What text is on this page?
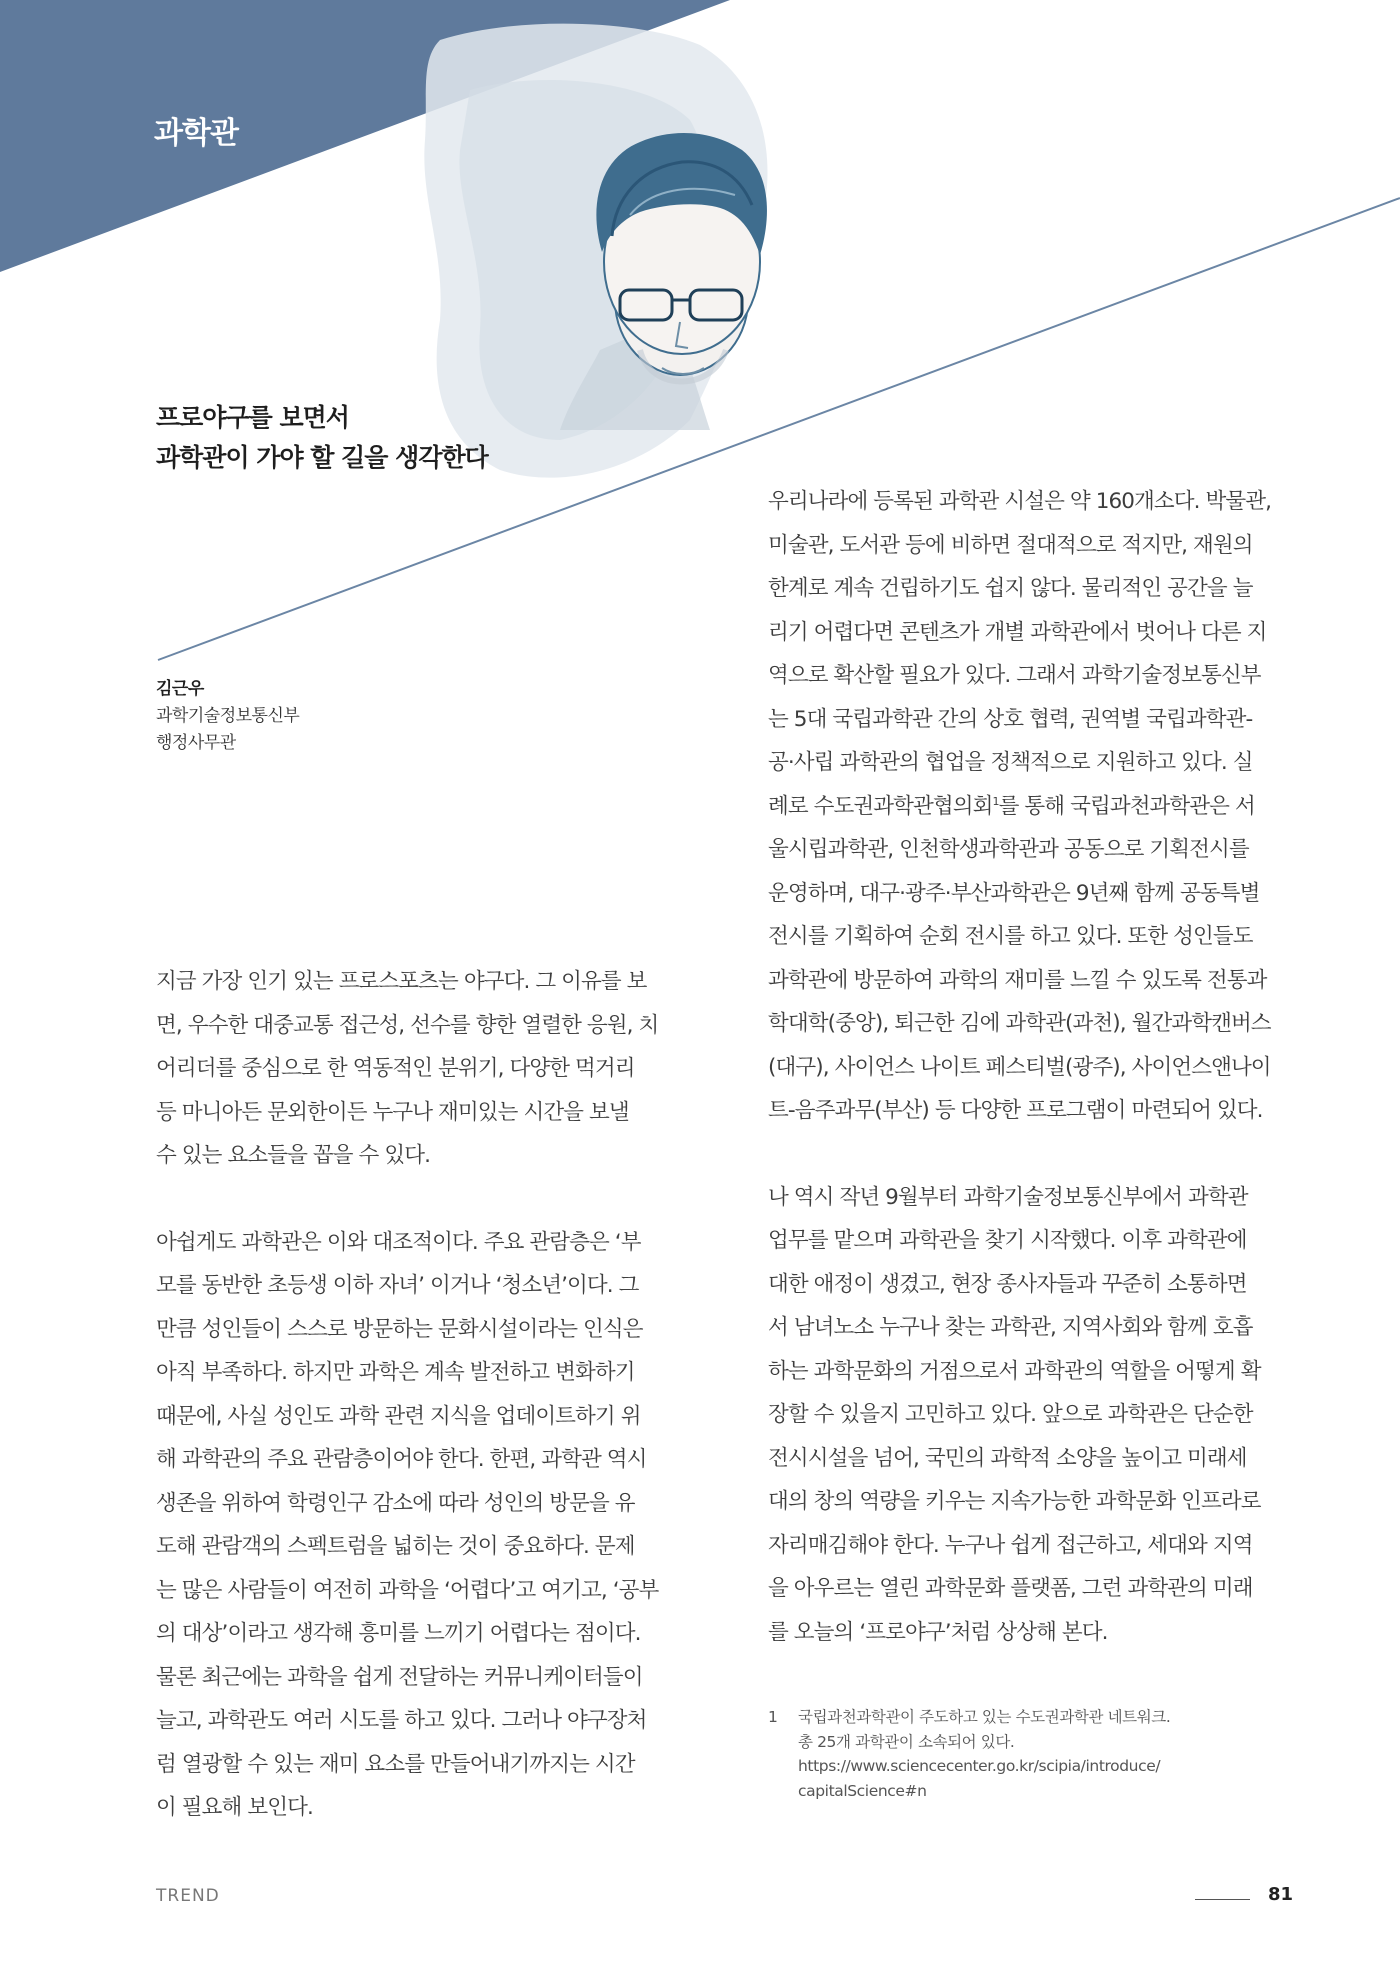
과학관
프로야구를 보면서
과학관이 가야 할 길을 생각한다
김근우
과학기술정보통신부
행정사무관

지금 가장 인기 있는 프로스포츠는 야구다. 그 이유를 보
면, 우수한 대중교통 접근성, 선수를 향한 열렬한 응원, 치
어리더를 중심으로 한 역동적인 분위기, 다양한 먹거리
등 마니아든 문외한이든 누구나 재미있는 시간을 보낼
수 있는 요소들을 꼽을 수 있다.

아쉽게도 과학관은 이와 대조적이다. 주요 관람층은 ‘부
모를 동반한 초등생 이하 자녀’ 이거나 ‘청소년’이다. 그
만큼 성인들이 스스로 방문하는 문화시설이라는 인식은
아직 부족하다. 하지만 과학은 계속 발전하고 변화하기
때문에, 사실 성인도 과학 관련 지식을 업데이트하기 위
해 과학관의 주요 관람층이어야 한다. 한편, 과학관 역시
생존을 위하여 학령인구 감소에 따라 성인의 방문을 유
도해 관람객의 스펙트럼을 넓히는 것이 중요하다. 문제
는 많은 사람들이 여전히 과학을 ‘어렵다’고 여기고, ‘공부
의 대상’이라고 생각해 흥미를 느끼기 어렵다는 점이다.
물론 최근에는 과학을 쉽게 전달하는 커뮤니케이터들이
늘고, 과학관도 여러 시도를 하고 있다. 그러나 야구장처
럼 열광할 수 있는 재미 요소를 만들어내기까지는 시간
이 필요해 보인다.

우리나라에 등록된 과학관 시설은 약 160개소다. 박물관,
미술관, 도서관 등에 비하면 절대적으로 적지만, 재원의
한계로 계속 건립하기도 쉽지 않다. 물리적인 공간을 늘
리기 어렵다면 콘텐츠가 개별 과학관에서 벗어나 다른 지
역으로 확산할 필요가 있다. 그래서 과학기술정보통신부
는 5대 국립과학관 간의 상호 협력, 권역별 국립과학관-
공·사립 과학관의 협업을 정책적으로 지원하고 있다. 실
례로 수도권과학관협의회$^1$를 통해 국립과천과학관은 서
울시립과학관, 인천학생과학관과 공동으로 기획전시를
운영하며, 대구·광주·부산과학관은 9년째 함께 공동특별
전시를 기획하여 순회 전시를 하고 있다. 또한 성인들도
과학관에 방문하여 과학의 재미를 느낄 수 있도록 전통과
학대학(중앙), 퇴근한 김에 과학관(과천), 월간과학캔버스
(대구), 사이언스 나이트 페스티벌(광주), 사이언스앤나이
트-음주과무(부산) 등 다양한 프로그램이 마련되어 있다.

나 역시 작년 9월부터 과학기술정보통신부에서 과학관
업무를 맡으며 과학관을 찾기 시작했다. 이후 과학관에
대한 애정이 생겼고, 현장 종사자들과 꾸준히 소통하면
서 남녀노소 누구나 찾는 과학관, 지역사회와 함께 호흡
하는 과학문화의 거점으로서 과학관의 역할을 어떻게 확
장할 수 있을지 고민하고 있다. 앞으로 과학관은 단순한
전시시설을 넘어, 국민의 과학적 소양을 높이고 미래세
대의 창의 역량을 키우는 지속가능한 과학문화 인프라로
자리매김해야 한다. 누구나 쉽게 접근하고, 세대와 지역
을 아우르는 열린 과학문화 플랫폼, 그런 과학관의 미래
를 오늘의 ‘프로야구’처럼 상상해 본다.

1 국립과천과학관이 주도하고 있는 수도권과학관 네트워크.
총 25개 과학관이 소속되어 있다.
https://www.sciencecenter.go.kr/scipia/introduce/
capitalScience#n
TREND	81
